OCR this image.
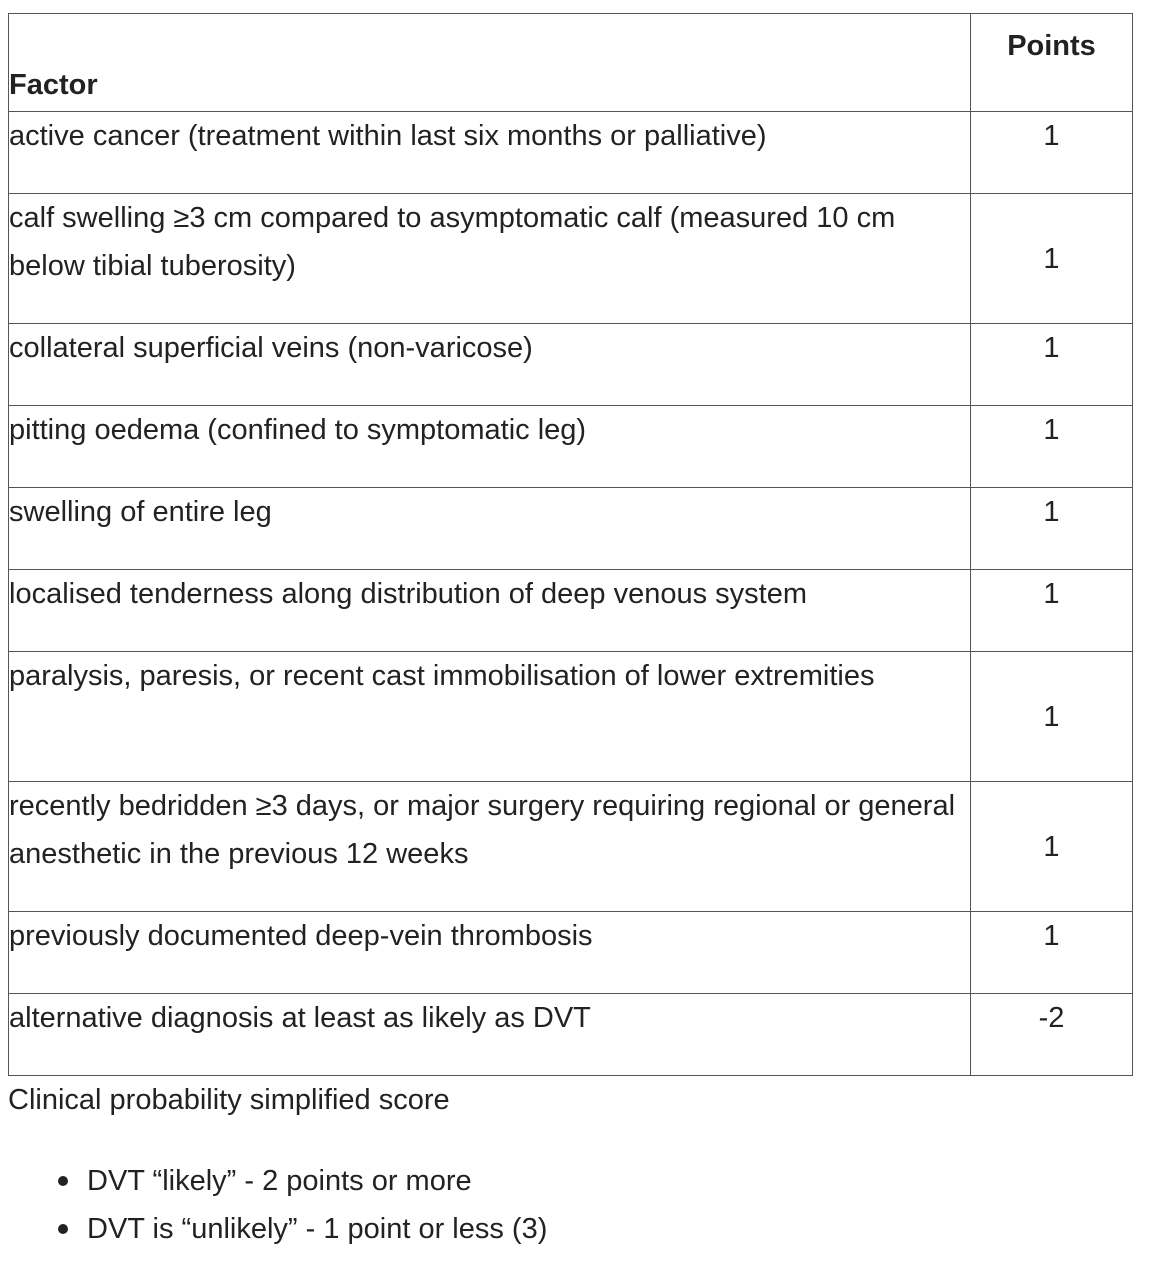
Factor	Points
active cancer (treatment within last six months or palliative)	1
calf swelling ≥3 cm compared to asymptomatic calf (measured 10 cm below tibial tuberosity)	1
collateral superficial veins (non-varicose)	1
pitting oedema (confined to symptomatic leg)	1
swelling of entire leg	1
localised tenderness along distribution of deep venous system	1
paralysis, paresis, or recent cast immobilisation of lower extremities	1
recently bedridden ≥3 days, or major surgery requiring regional or general anesthetic in the previous 12 weeks	1
previously documented deep-vein thrombosis	1
alternative diagnosis at least as likely as DVT	-2
Clinical probability simplified score
DVT “likely” - 2 points or more
DVT is “unlikely” - 1 point or less (3)
